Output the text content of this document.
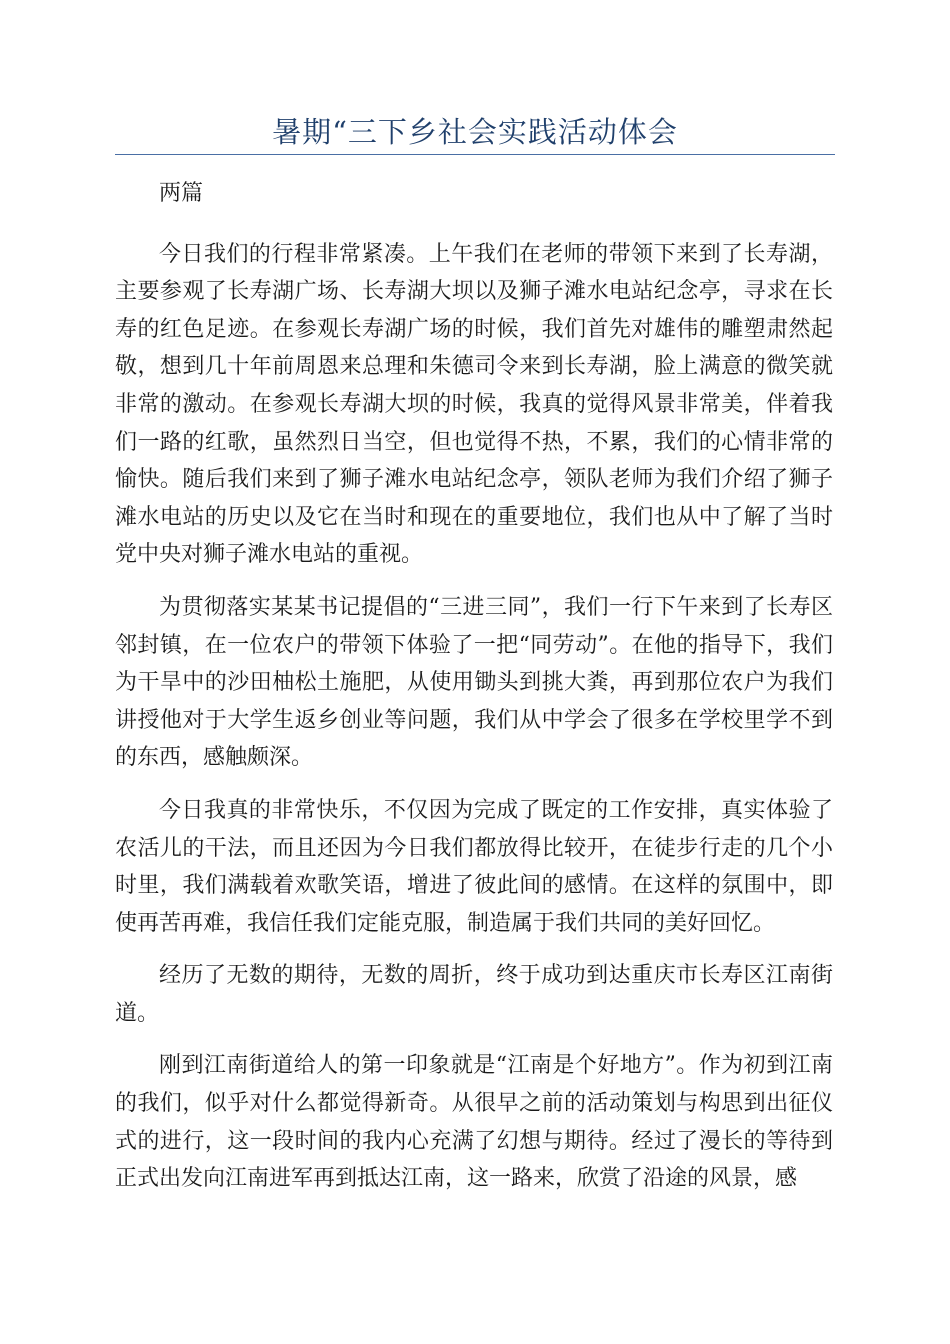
暑期“三下乡社会实践活动体会

两篇

今日我们的行程非常紧凑。上午我们在老师的带领下来到了长寿湖，主要参观了长寿湖广场、长寿湖大坝以及狮子滩水电站纪念亭，寻求在长寿的红色足迹。在参观长寿湖广场的时候，我们首先对雄伟的雕塑肃然起敬，想到几十年前周恩来总理和朱德司令来到长寿湖，脸上满意的微笑就非常的激动。在参观长寿湖大坝的时候，我真的觉得风景非常美，伴着我们一路的红歌，虽然烈日当空，但也觉得不热，不累，我们的心情非常的愉快。随后我们来到了狮子滩水电站纪念亭，领队老师为我们介绍了狮子滩水电站的历史以及它在当时和现在的重要地位，我们也从中了解了当时党中央对狮子滩水电站的重视。

为贯彻落实某某书记提倡的“三进三同”，我们一行下午来到了长寿区邻封镇，在一位农户的带领下体验了一把“同劳动”。在他的指导下，我们为干旱中的沙田柚松土施肥，从使用锄头到挑大粪，再到那位农户为我们讲授他对于大学生返乡创业等问题，我们从中学会了很多在学校里学不到的东西，感触颇深。

今日我真的非常快乐，不仅因为完成了既定的工作安排，真实体验了农活儿的干法，而且还因为今日我们都放得比较开，在徒步行走的几个小时里，我们满载着欢歌笑语，增进了彼此间的感情。在这样的氛围中，即使再苦再难，我信任我们定能克服，制造属于我们共同的美好回忆。

经历了无数的期待，无数的周折，终于成功到达重庆市长寿区江南街道。

刚到江南街道给人的第一印象就是“江南是个好地方”。作为初到江南的我们，似乎对什么都觉得新奇。从很早之前的活动策划与构思到出征仪式的进行，这一段时间的我内心充满了幻想与期待。经过了漫长的等待到正式出发向江南进军再到抵达江南，这一路来，欣赏了沿途的风景，感
